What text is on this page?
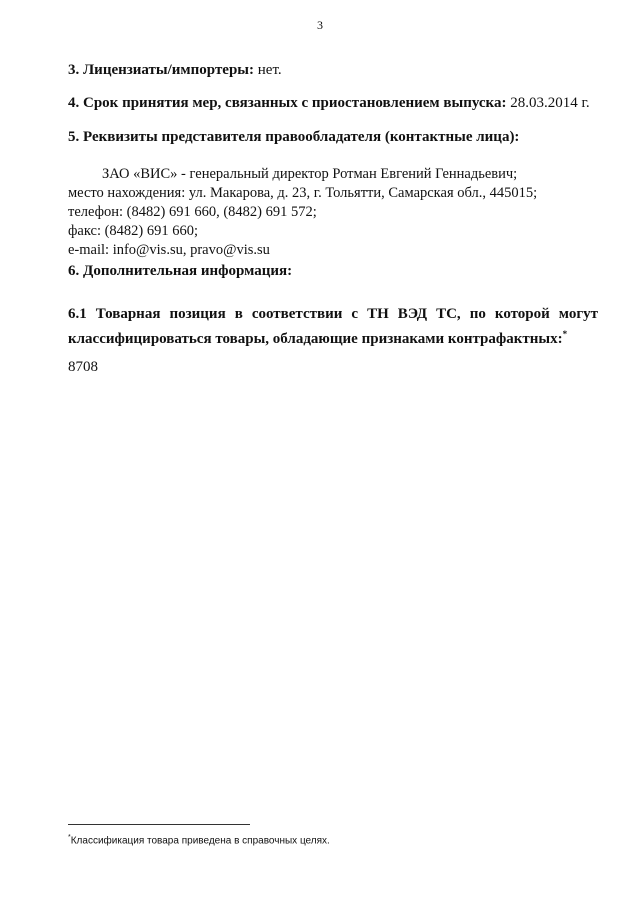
3
3. Лицензиаты/импортеры: нет.
4. Срок принятия мер, связанных с приостановлением выпуска: 28.03.2014 г.
5. Реквизиты представителя правообладателя (контактные лица):
ЗАО «ВИС» - генеральный директор Ротман Евгений Геннадьевич;
место нахождения: ул. Макарова, д. 23, г. Тольятти, Самарская обл., 445015;
телефон: (8482) 691 660, (8482) 691 572;
факс: (8482) 691 660;
e-mail: info@vis.su, pravo@vis.su
6. Дополнительная информация:
6.1 Товарная позиция в соответствии с ТН ВЭД ТС, по которой могут классифицироваться товары, обладающие признаками контрафактных:*
8708
*Классификация товара приведена в справочных целях.
